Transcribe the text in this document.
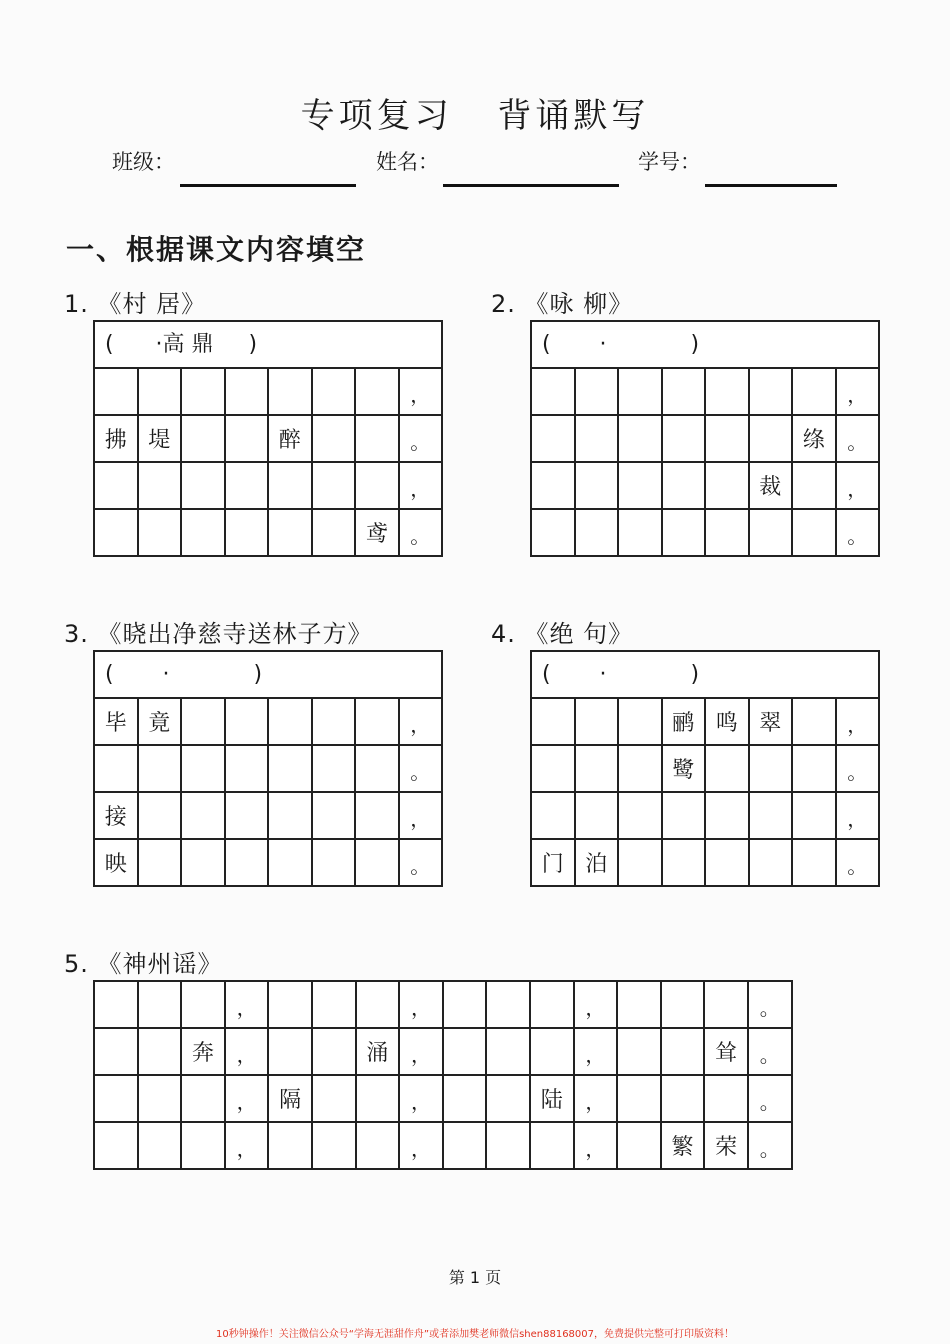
专项复习 背诵默写
班级：	姓名：	学号：
一、根据课文内容填空
1. 《村 居》
(      ·高 鼎     )
，
拂 堤	醉	。
，
鸢	。
2. 《咏 柳》
(       ·            )
，
绦	。
裁	，
。
3. 《晓出净慈寺送林子方》
(       ·            )
毕 竟	，
。
接	，
映	。
4. 《绝 句》
(       ·            )
鹂 鸣 翠	，
鹭	。
，
门 泊	。
5. 《神州谣》
，	，	，	。
奔	，	涌	，	，	耸	。
，	隔	，	陆	，	。
，	，	，	繁 荣	。
第 1 页
10秒钟操作！关注微信公众号“学海无涯甜作舟”或者添加樊老师微信shen88168007，免费提供完整可打印版资料！
